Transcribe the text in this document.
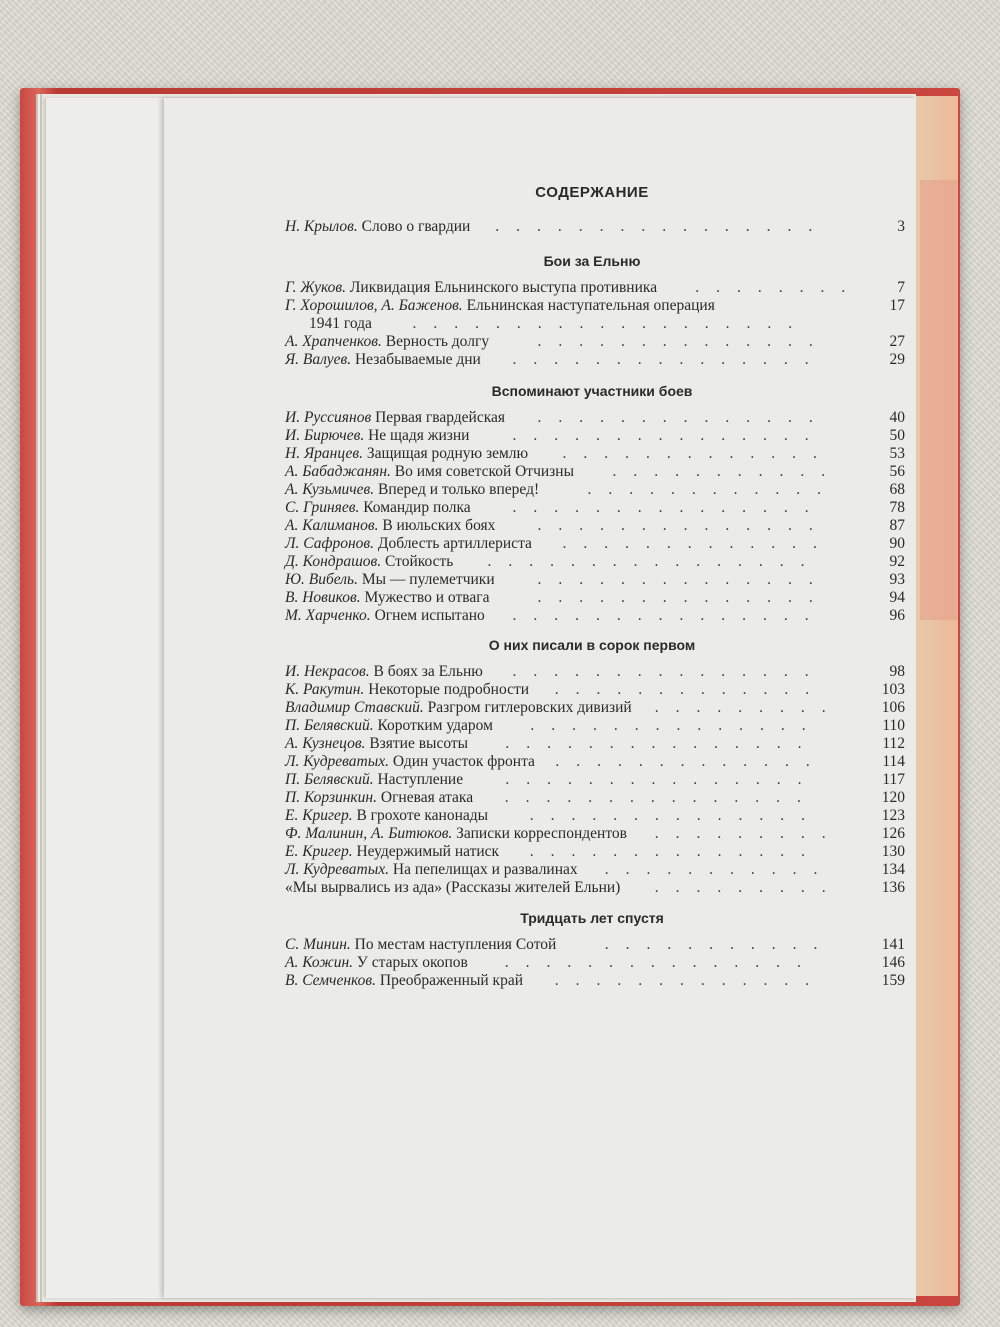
СОДЕРЖАНИЕ
Н. Крылов. Слово о гвардии	3
................
Бои за Ельню
Г. Жуков. Ликвидация Ельнинского выступа противника	7
........
Г. Хорошилов, А. Баженов. Ельнинская наступательная операция	17
1941 года	...................
А. Храпченков. Верность долгу	27
..............
Я. Валуев. Незабываемые дни	29
...............
Вспоминают участники боев
И. Руссиянов Первая гвардейская	40
..............
И. Бирючев. Не щадя жизни	50
...............
Н. Яранцев. Защищая родную землю	53
.............
А. Бабаджанян. Во имя советской Отчизны	56
...........
А. Кузьмичев. Вперед и только вперед!	68
............
С. Гриняев. Командир полка	78
...............
А. Калиманов. В июльских боях	87
..............
Л. Сафронов. Доблесть артиллериста	90
.............
Д. Кондрашов. Стойкость	92
................
Ю. Вибель. Мы — пулеметчики	93
..............
В. Новиков. Мужество и отвага	94
..............
М. Харченко. Огнем испытано	96
...............
О них писали в сорок первом
И. Некрасов. В боях за Ельню	98
...............
К. Ракутин. Некоторые подробности	103
.............
Владимир Ставский. Разгром гитлеровских дивизий	106
.........
П. Белявский. Коротким ударом	110
..............
А. Кузнецов. Взятие высоты	112
...............
Л. Кудреватых. Один участок фронта	114
.............
П. Белявский. Наступление	117
...............
П. Корзинкин. Огневая атака	120
...............
Е. Кригер. В грохоте канонады	123
..............
Ф. Малинин, А. Битюков. Записки корреспондентов	126
.........
Е. Кригер. Неудержимый натиск	130
..............
Л. Кудреватых. На пепелищах и развалинах	134
...........
«Мы вырвались из ада» (Рассказы жителей Ельни)	136
.........
Тридцать лет спустя
С. Минин. По местам наступления Сотой	141
...........
А. Кожин. У старых окопов	146
...............
В. Семченков. Преображенный край	159
.............
